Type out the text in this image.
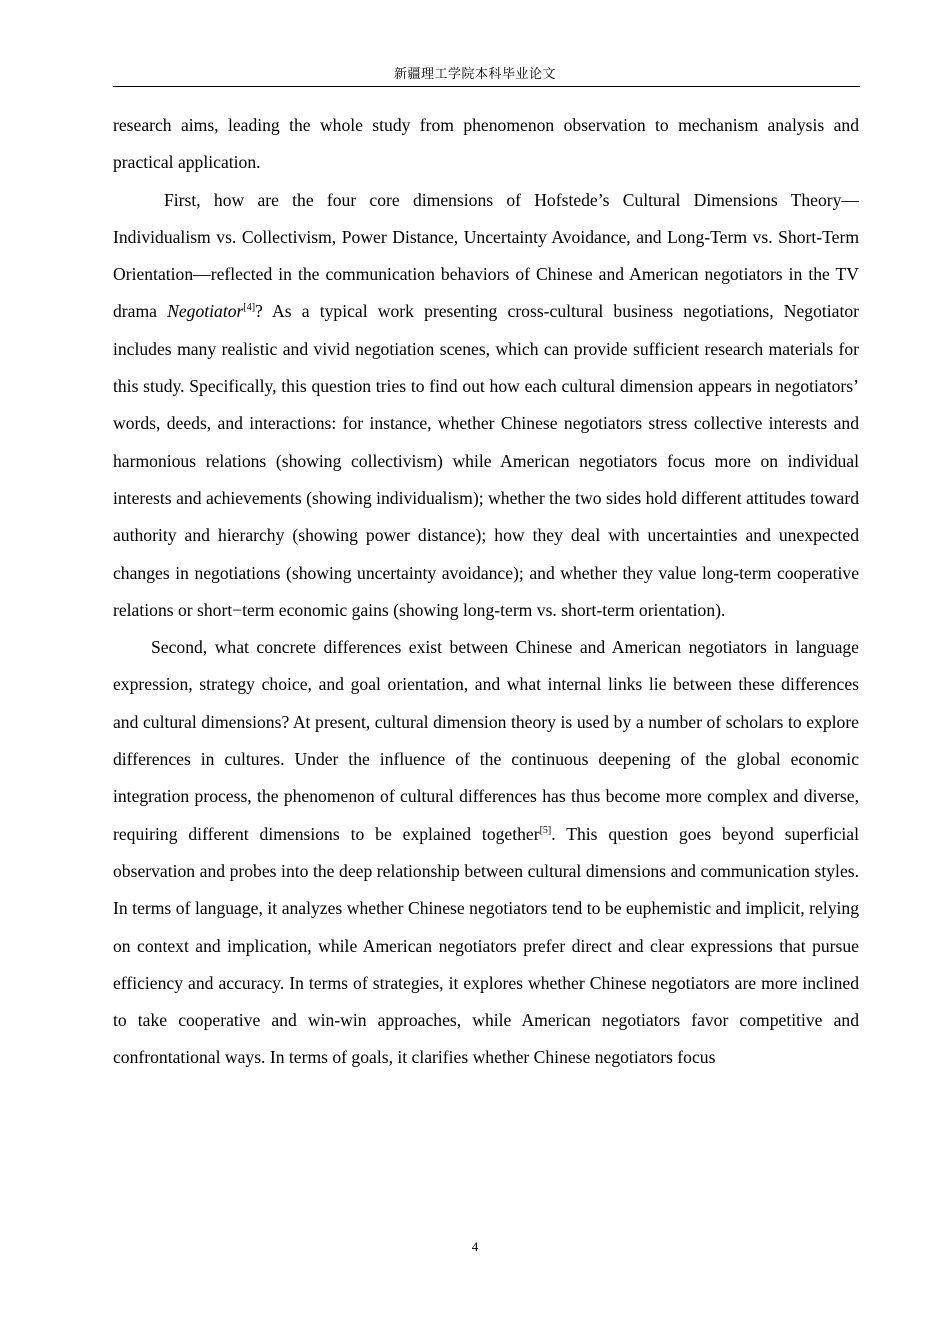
新疆理工学院本科毕业论文

research aims, leading the whole study from phenomenon observation to mechanism analysis and practical application.

First, how are the four core dimensions of Hofstede’s Cultural Dimensions Theory—Individualism vs. Collectivism, Power Distance, Uncertainty Avoidance, and Long-Term vs. Short-Term Orientation—reflected in the communication behaviors of Chinese and American negotiators in the TV drama Negotiator[4]? As a typical work presenting cross-cultural business negotiations, Negotiator includes many realistic and vivid negotiation scenes, which can provide sufficient research materials for this study. Specifically, this question tries to find out how each cultural dimension appears in negotiators’ words, deeds, and interactions: for instance, whether Chinese negotiators stress collective interests and harmonious relations (showing collectivism) while American negotiators focus more on individual interests and achievements (showing individualism); whether the two sides hold different attitudes toward authority and hierarchy (showing power distance); how they deal with uncertainties and unexpected changes in negotiations (showing uncertainty avoidance); and whether they value long-term cooperative relations or short−term economic gains (showing long-term vs. short-term orientation).

Second, what concrete differences exist between Chinese and American negotiators in language expression, strategy choice, and goal orientation, and what internal links lie between these differences and cultural dimensions? At present, cultural dimension theory is used by a number of scholars to explore differences in cultures. Under the influence of the continuous deepening of the global economic integration process, the phenomenon of cultural differences has thus become more complex and diverse, requiring different dimensions to be explained together[5]. This question goes beyond superficial observation and probes into the deep relationship between cultural dimensions and communication styles. In terms of language, it analyzes whether Chinese negotiators tend to be euphemistic and implicit, relying on context and implication, while American negotiators prefer direct and clear expressions that pursue efficiency and accuracy. In terms of strategies, it explores whether Chinese negotiators are more inclined to take cooperative and win-win approaches, while American negotiators favor competitive and confrontational ways. In terms of goals, it clarifies whether Chinese negotiators focus

4
